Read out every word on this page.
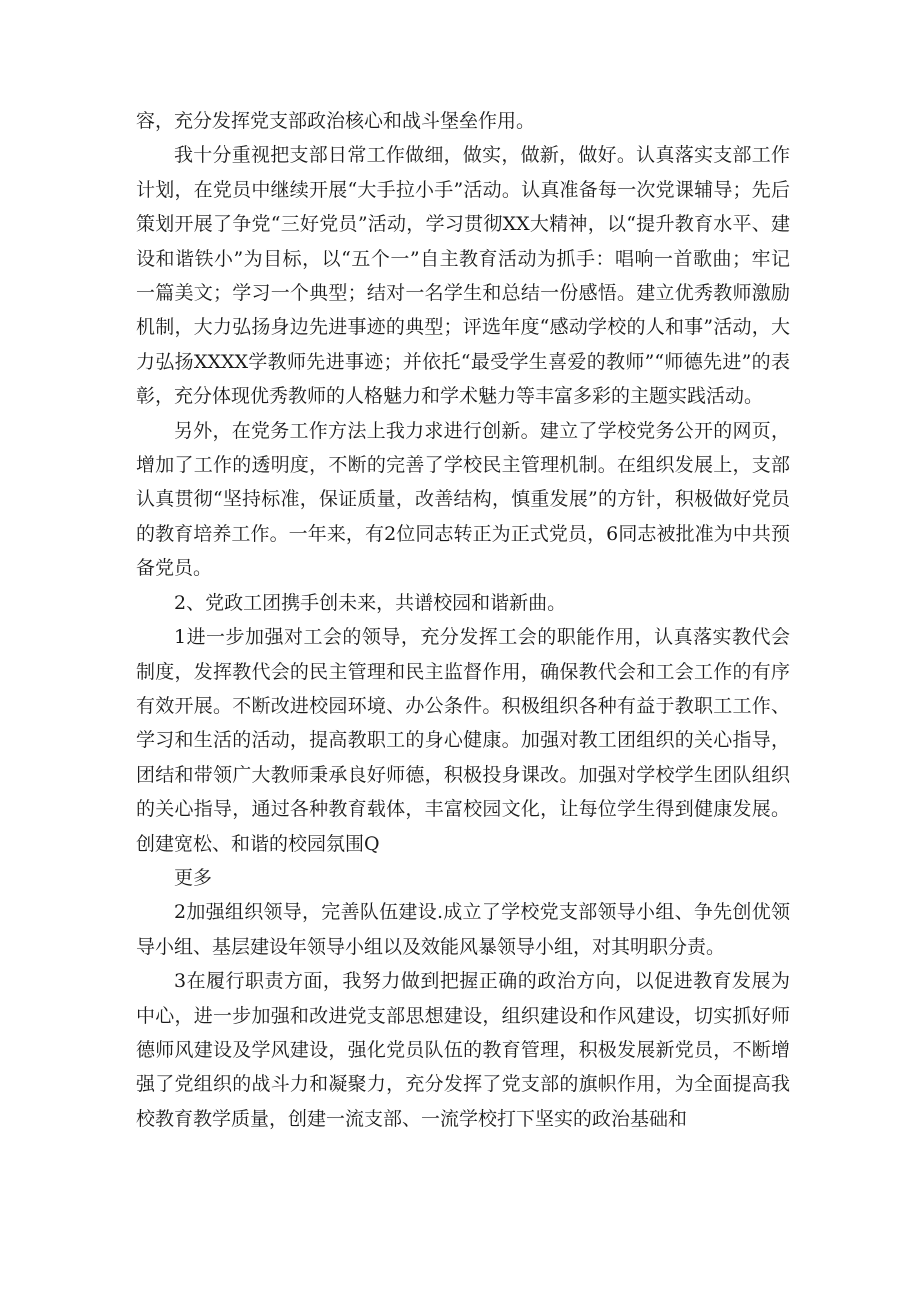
容，充分发挥党支部政治核心和战斗堡垒作用。

我十分重视把支部日常工作做细，做实，做新，做好。认真落实支部工作计划，在党员中继续开展“大手拉小手”活动。认真准备每一次党课辅导；先后策划开展了争党“三好党员”活动，学习贯彻XX大精神，以“提升教育水平、建设和谐铁小”为目标，以“五个一”自主教育活动为抓手：唱响一首歌曲；牢记一篇美文；学习一个典型；结对一名学生和总结一份感悟。建立优秀教师激励机制，大力弘扬身边先进事迹的典型；评选年度“感动学校的人和事”活动，大力弘扬XXXX学教师先进事迹；并依托“最受学生喜爱的教师”“师德先进”的表彰，充分体现优秀教师的人格魅力和学术魅力等丰富多彩的主题实践活动。

另外，在党务工作方法上我力求进行创新。建立了学校党务公开的网页，增加了工作的透明度，不断的完善了学校民主管理机制。在组织发展上，支部认真贯彻“坚持标准，保证质量，改善结构，慎重发展”的方针，积极做好党员的教育培养工作。一年来，有2位同志转正为正式党员，6同志被批准为中共预备党员。

2、党政工团携手创未来，共谱校园和谐新曲。

1进一步加强对工会的领导，充分发挥工会的职能作用，认真落实教代会制度，发挥教代会的民主管理和民主监督作用，确保教代会和工会工作的有序有效开展。不断改进校园环境、办公条件。积极组织各种有益于教职工工作、学习和生活的活动，提高教职工的身心健康。加强对教工团组织的关心指导，团结和带领广大教师秉承良好师德，积极投身课改。加强对学校学生团队组织的关心指导，通过各种教育载体，丰富校园文化，让每位学生得到健康发展。创建宽松、和谐的校园氛围Q

更多

2加强组织领导，完善队伍建设.成立了学校党支部领导小组、争先创优领导小组、基层建设年领导小组以及效能风暴领导小组，对其明职分责。

3在履行职责方面，我努力做到把握正确的政治方向，以促进教育发展为中心，进一步加强和改进党支部思想建设，组织建设和作风建设，切实抓好师德师风建设及学风建设，强化党员队伍的教育管理，积极发展新党员，不断增强了党组织的战斗力和凝聚力，充分发挥了党支部的旗帜作用，为全面提高我校教育教学质量，创建一流支部、一流学校打下坚实的政治基础和
